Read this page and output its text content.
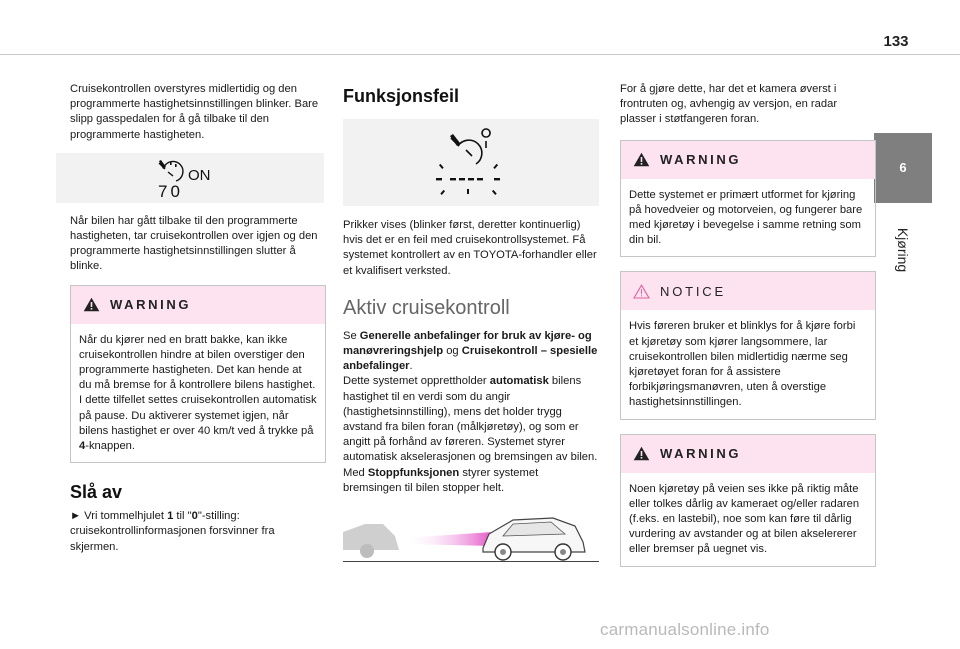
133
6
Kjøring

Cruisekontrollen overstyres midlertidig og den programmerte hastighetsinnstillingen blinker. Bare slipp gasspedalen for å gå tilbake til den programmerte hastigheten.

ON
70

Når bilen har gått tilbake til den programmerte hastigheten, tar cruisekontrollen over igjen og den programmerte hastighetsinnstillingen slutter å blinke.

WARNING
Når du kjører ned en bratt bakke, kan ikke cruisekontrollen hindre at bilen overstiger den programmerte hastigheten. Det kan hende at du må bremse for å kontrollere bilens hastighet. I dette tilfellet settes cruisekontrollen automatisk på pause. Du aktiverer systemet igjen, når bilens hastighet er over 40 km/t ved å trykke på 4-knappen.
Slå av

► Vri tommelhjulet 1 til "0"-stilling: cruisekontrollinformasjonen forsvinner fra skjermen.

Funksjonsfeil

Prikker vises (blinker først, deretter kontinuerlig) hvis det er en feil med cruisekontrollsystemet. Få systemet kontrollert av en TOYOTA-forhandler eller et kvalifisert verksted.

Aktiv cruisekontroll

Se Generelle anbefalinger for bruk av kjøre- og manøvreringshjelp og Cruisekontroll – spesielle anbefalinger.
Dette systemet opprettholder automatisk bilens hastighet til en verdi som du angir (hastighetsinnstilling), mens det holder trygg avstand fra bilen foran (målkjøretøy), og som er angitt på forhånd av føreren. Systemet styrer automatisk akselerasjonen og bremsingen av bilen.
Med Stoppfunksjonen styrer systemet bremsingen til bilen stopper helt.

For å gjøre dette, har det et kamera øverst i frontruten og, avhengig av versjon, en radar plasser i støtfangeren foran.

WARNING
Dette systemet er primært utformet for kjøring på hovedveier og motorveien, og fungerer bare med kjøretøy i bevegelse i samme retning som din bil.
NOTICE
Hvis føreren bruker et blinklys for å kjøre forbi et kjøretøy som kjører langsommere, lar cruisekontrollen bilen midlertidig nærme seg kjøretøyet foran for å assistere forbikjøringsmanøvren, uten å overstige hastighetsinnstillingen.
WARNING
Noen kjøretøy på veien ses ikke på riktig måte eller tolkes dårlig av kameraet og/eller radaren (f.eks. en lastebil), noe som kan føre til dårlig vurdering av avstander og at bilen akselererer eller bremser på uegnet vis.
carmanualsonline.info
